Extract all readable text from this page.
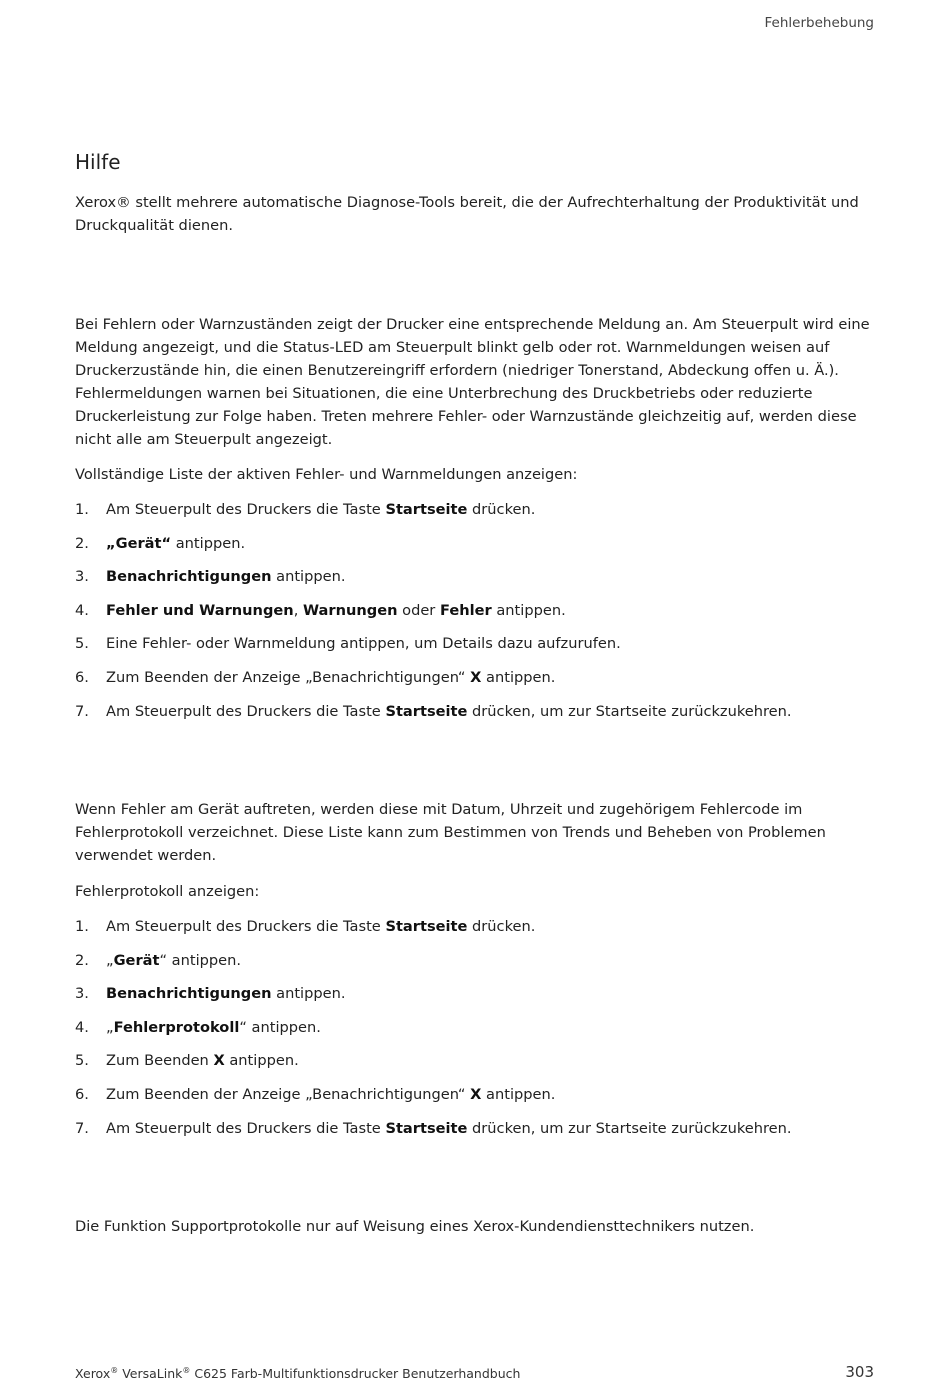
Fehlerbehebung
Hilfe

Xerox® stellt mehrere automatische Diagnose-Tools bereit, die der Aufrechterhaltung der Produktivität und Druckqualität dienen.

Bei Fehlern oder Warnzuständen zeigt der Drucker eine entsprechende Meldung an. Am Steuerpult wird eine Meldung angezeigt, und die Status-LED am Steuerpult blinkt gelb oder rot. Warnmeldungen weisen auf Druckerzustände hin, die einen Benutzereingriff erfordern (niedriger Tonerstand, Abdeckung offen u. Ä.). Fehlermeldungen warnen bei Situationen, die eine Unterbrechung des Druckbetriebs oder reduzierte Druckerleistung zur Folge haben. Treten mehrere Fehler- oder Warnzustände gleichzeitig auf, werden diese nicht alle am Steuerpult angezeigt.

Vollständige Liste der aktiven Fehler- und Warnmeldungen anzeigen:

1. Am Steuerpult des Druckers die Taste Startseite drücken.
2. „Gerät“ antippen.
3. Benachrichtigungen antippen.
4. Fehler und Warnungen, Warnungen oder Fehler antippen.
5. Eine Fehler- oder Warnmeldung antippen, um Details dazu aufzurufen.
6. Zum Beenden der Anzeige „Benachrichtigungen“ X antippen.
7. Am Steuerpult des Druckers die Taste Startseite drücken, um zur Startseite zurückzukehren.

Wenn Fehler am Gerät auftreten, werden diese mit Datum, Uhrzeit und zugehörigem Fehlercode im Fehlerprotokoll verzeichnet. Diese Liste kann zum Bestimmen von Trends und Beheben von Problemen verwendet werden.

Fehlerprotokoll anzeigen:

1. Am Steuerpult des Druckers die Taste Startseite drücken.
2. „Gerät“ antippen.
3. Benachrichtigungen antippen.
4. „Fehlerprotokoll“ antippen.
5. Zum Beenden X antippen.
6. Zum Beenden der Anzeige „Benachrichtigungen“ X antippen.
7. Am Steuerpult des Druckers die Taste Startseite drücken, um zur Startseite zurückzukehren.

Die Funktion Supportprotokolle nur auf Weisung eines Xerox-Kundendiensttechnikers nutzen.

Xerox® VersaLink® C625 Farb-Multifunktionsdrucker Benutzerhandbuch	303
